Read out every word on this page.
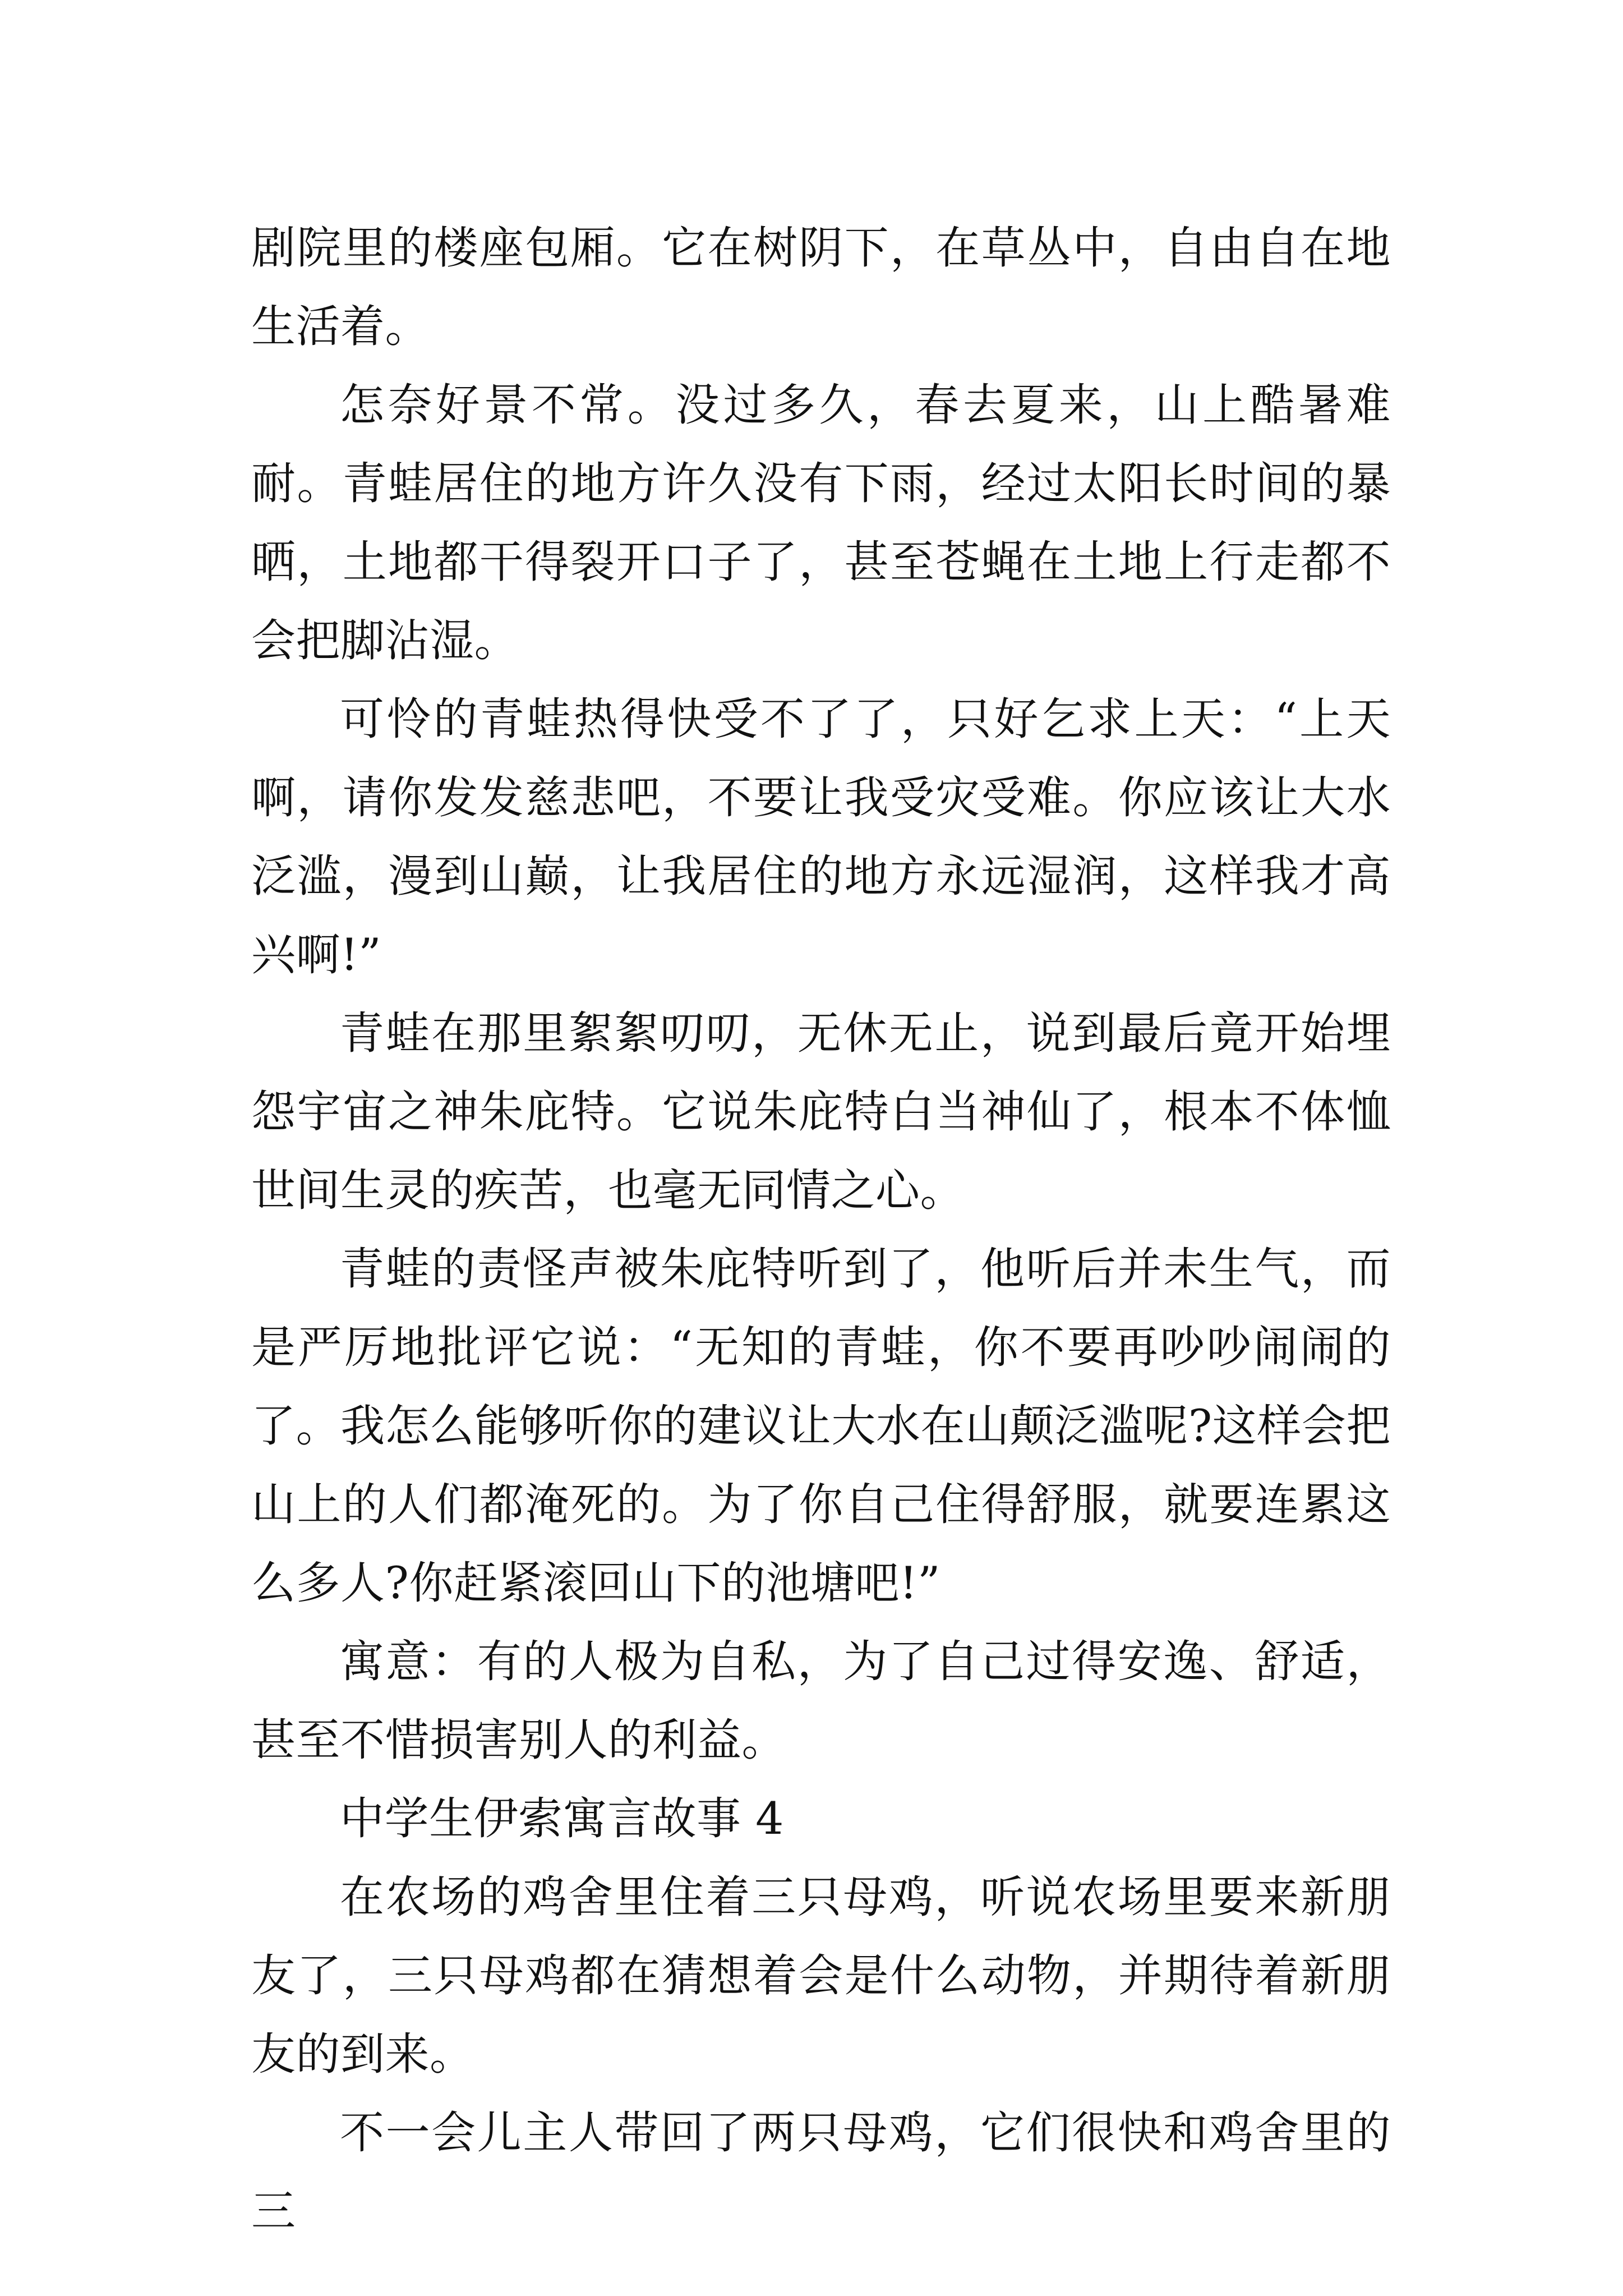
剧院里的楼座包厢。它在树阴下，在草丛中，自由自在地生活着。

怎奈好景不常。没过多久，春去夏来，山上酷暑难耐。青蛙居住的地方许久没有下雨，经过太阳长时间的暴晒，土地都干得裂开口子了，甚至苍蝇在土地上行走都不会把脚沾湿。

可怜的青蛙热得快受不了了，只好乞求上天：“上天啊，请你发发慈悲吧，不要让我受灾受难。你应该让大水泛滥，漫到山巅，让我居住的地方永远湿润，这样我才高兴啊!”

青蛙在那里絮絮叨叨，无休无止，说到最后竟开始埋怨宇宙之神朱庇特。它说朱庇特白当神仙了，根本不体恤世间生灵的疾苦，也毫无同情之心。

青蛙的责怪声被朱庇特听到了，他听后并未生气，而是严厉地批评它说：“无知的青蛙，你不要再吵吵闹闹的了。我怎么能够听你的建议让大水在山颠泛滥呢?这样会把山上的人们都淹死的。为了你自己住得舒服，就要连累这么多人?你赶紧滚回山下的池塘吧!”

寓意：有的人极为自私，为了自己过得安逸、舒适，甚至不惜损害别人的利益。

中学生伊索寓言故事 4

在农场的鸡舍里住着三只母鸡，听说农场里要来新朋友了，三只母鸡都在猜想着会是什么动物，并期待着新朋友的到来。

不一会儿主人带回了两只母鸡，它们很快和鸡舍里的三
